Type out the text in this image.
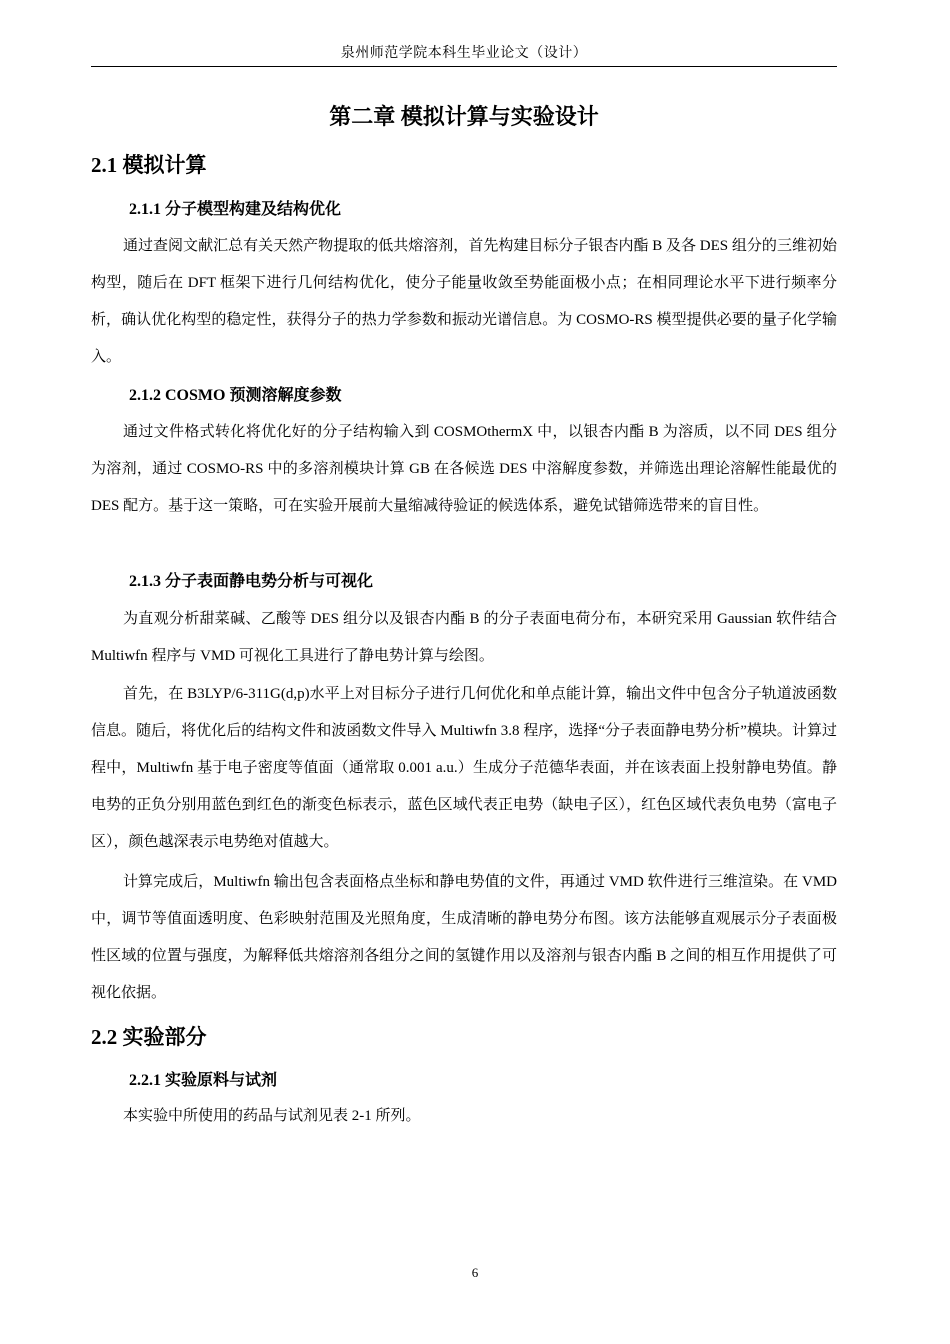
泉州师范学院本科生毕业论文（设计）
第二章 模拟计算与实验设计
2.1 模拟计算
2.1.1 分子模型构建及结构优化

通过查阅文献汇总有关天然产物提取的低共熔溶剂，首先构建目标分子银杏内酯 B 及各 DES 组分的三维初始构型，随后在 DFT 框架下进行几何结构优化，使分子能量收敛至势能面极小点；在相同理论水平下进行频率分析，确认优化构型的稳定性，获得分子的热力学参数和振动光谱信息。为 COSMO-RS 模型提供必要的量子化学输入。

2.1.2 COSMO 预测溶解度参数

通过文件格式转化将优化好的分子结构输入到 COSMOthermX 中，以银杏内酯 B 为溶质，以不同 DES 组分为溶剂，通过 COSMO-RS 中的多溶剂模块计算 GB 在各候选 DES 中溶解度参数，并筛选出理论溶解性能最优的 DES 配方。基于这一策略，可在实验开展前大量缩减待验证的候选体系，避免试错筛选带来的盲目性。

2.1.3 分子表面静电势分析与可视化

为直观分析甜菜碱、乙酸等 DES 组分以及银杏内酯 B 的分子表面电荷分布，本研究采用 Gaussian 软件结合 Multiwfn 程序与 VMD 可视化工具进行了静电势计算与绘图。

首先，在 B3LYP/6-311G(d,p)水平上对目标分子进行几何优化和单点能计算，输出文件中包含分子轨道波函数信息。随后，将优化后的结构文件和波函数文件导入 Multiwfn 3.8 程序，选择“分子表面静电势分析”模块。计算过程中，Multiwfn 基于电子密度等值面（通常取 0.001 a.u.）生成分子范德华表面，并在该表面上投射静电势值。静电势的正负分别用蓝色到红色的渐变色标表示，蓝色区域代表正电势（缺电子区），红色区域代表负电势（富电子区），颜色越深表示电势绝对值越大。

计算完成后，Multiwfn 输出包含表面格点坐标和静电势值的文件，再通过 VMD 软件进行三维渲染。在 VMD 中，调节等值面透明度、色彩映射范围及光照角度，生成清晰的静电势分布图。该方法能够直观展示分子表面极性区域的位置与强度，为解释低共熔溶剂各组分之间的氢键作用以及溶剂与银杏内酯 B 之间的相互作用提供了可视化依据。

2.2 实验部分
2.2.1 实验原料与试剂

本实验中所使用的药品与试剂见表 2-1 所列。

6
